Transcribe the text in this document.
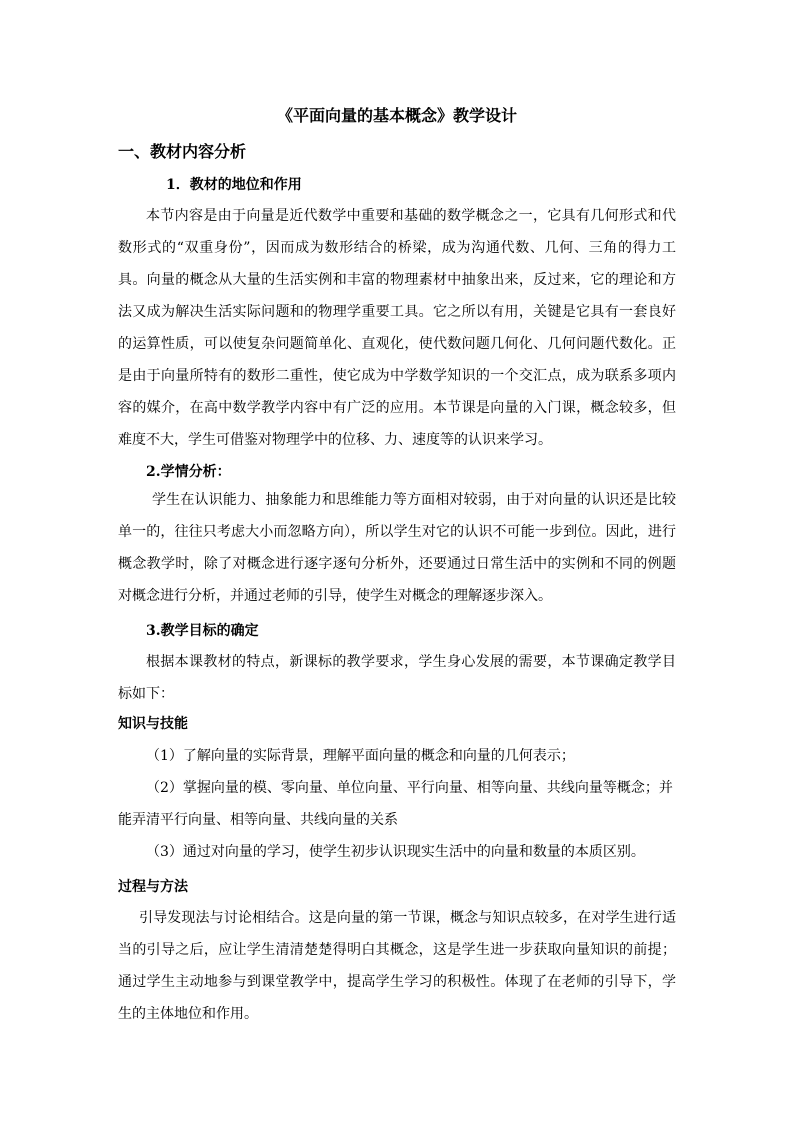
《平面向量的基本概念》教学设计
一、教材内容分析
1．教材的地位和作用
本节内容是由于向量是近代数学中重要和基础的数学概念之一，它具有几何形式和代数形式的“双重身份”，因而成为数形结合的桥梁，成为沟通代数、几何、三角的得力工具。向量的概念从大量的生活实例和丰富的物理素材中抽象出来，反过来，它的理论和方法又成为解决生活实际问题和的物理学重要工具。它之所以有用，关键是它具有一套良好的运算性质，可以使复杂问题简单化、直观化，使代数问题几何化、几何问题代数化。正是由于向量所特有的数形二重性，使它成为中学数学知识的一个交汇点，成为联系多项内容的媒介，在高中数学教学内容中有广泛的应用。本节课是向量的入门课，概念较多，但难度不大，学生可借鉴对物理学中的位移、力、速度等的认识来学习。
2.学情分析：
学生在认识能力、抽象能力和思维能力等方面相对较弱，由于对向量的认识还是比较单一的，往往只考虑大小而忽略方向），所以学生对它的认识不可能一步到位。因此，进行概念教学时，除了对概念进行逐字逐句分析外，还要通过日常生活中的实例和不同的例题对概念进行分析，并通过老师的引导，使学生对概念的理解逐步深入。
3.教学目标的确定
根据本课教材的特点，新课标的教学要求，学生身心发展的需要，本节课确定教学目标如下：
知识与技能
（1）了解向量的实际背景，理解平面向量的概念和向量的几何表示；
（2）掌握向量的模、零向量、单位向量、平行向量、相等向量、共线向量等概念；并能弄清平行向量、相等向量、共线向量的关系
（3）通过对向量的学习，使学生初步认识现实生活中的向量和数量的本质区别。
过程与方法
引导发现法与讨论相结合。这是向量的第一节课，概念与知识点较多，在对学生进行适当的引导之后，应让学生清清楚楚得明白其概念，这是学生进一步获取向量知识的前提；通过学生主动地参与到课堂教学中，提高学生学习的积极性。体现了在老师的引导下，学生的主体地位和作用。
